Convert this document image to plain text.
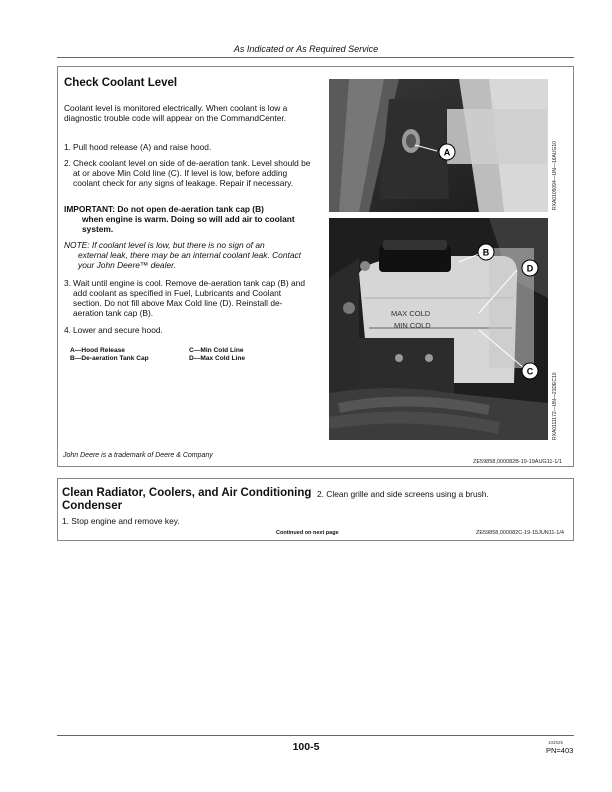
As Indicated or As Required Service
Check Coolant Level
Coolant level is monitored electrically. When coolant is low a diagnostic trouble code will appear on the CommandCenter.
1. Pull hood release (A) and raise hood.
2. Check coolant level on side of de-aeration tank. Level should be at or above Min Cold line (C). If level is low, before adding coolant check for any signs of leakage. Repair if necessary.
IMPORTANT: Do not open de-aeration tank cap (B)
when engine is warm. Doing so will add air to coolant system.
NOTE: If coolant level is low, but there is no sign of an
external leak, there may be an internal coolant leak. Contact your John Deere™ dealer.
3. Wait until engine is cool. Remove de-aeration tank cap (B) and add coolant as specified in Fuel, Lubricants and Coolant section. Do not fill above Max Cold line (D). Reinstall de-aeration tank cap (B).
4. Lower and secure hood.
A—Hood Release
B—De-aeration Tank Cap
C—Min Cold Line
D—Max Cold Line
John Deere is a trademark of Deere & Company
ZE59858,000082B-19-19AUG11-1/1
A	RXA0105094—UN—16AUG10
MAX COLD
MIN COLD
B
D
C
RXA0111172—UN—21DEC10
Clean Radiator, Coolers, and Air Conditioning
Condenser
2. Clean grille and side screens using a brush.
1. Stop engine and remove key.
Continued on next page	ZE59858,000082C-19-15JUN11-1/4
100-5	102525
PN=403
